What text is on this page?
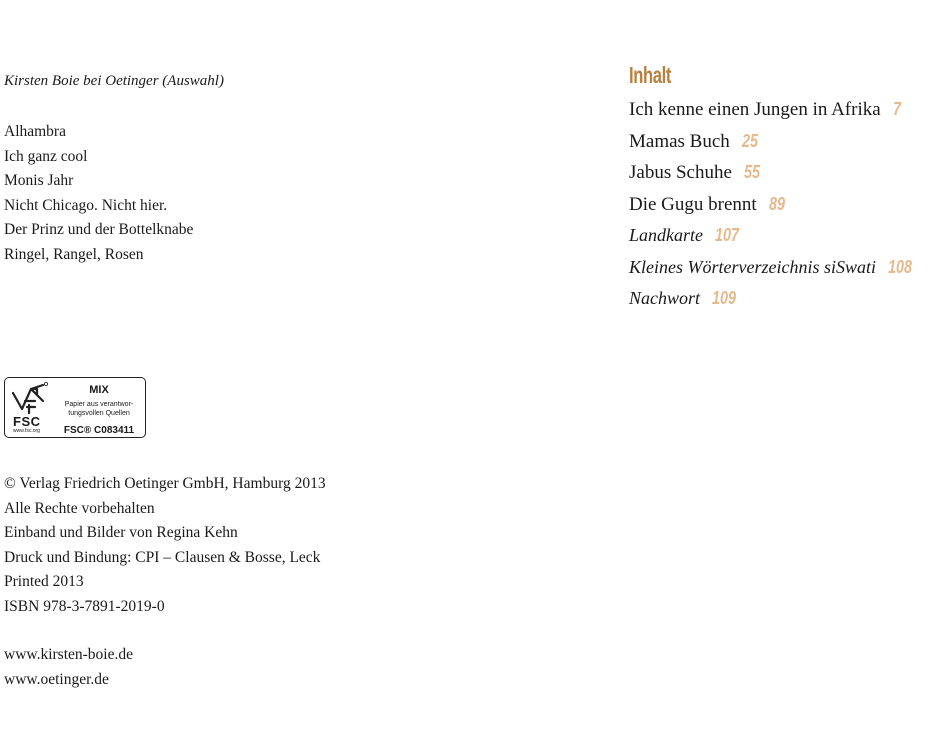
Kirsten Boie bei Oetinger (Auswahl)
Alhambra
Ich ganz cool
Monis Jahr
Nicht Chicago. Nicht hier.
Der Prinz und der Bottelknabe
Ringel, Rangel, Rosen
FSC
www.fsc.org
MIX
Papier aus verantwor-
tungsvollen Quellen
FSC® C083411
© Verlag Friedrich Oetinger GmbH, Hamburg 2013
Alle Rechte vorbehalten
Einband und Bilder von Regina Kehn
Druck und Bindung: CPI – Clausen & Bosse, Leck
Printed 2013
ISBN 978-3-7891-2019-0
www.kirsten-boie.de
www.oetinger.de
Inhalt
Ich kenne einen Jungen in Afrika 7
Mamas Buch 25
Jabus Schuhe 55
Die Gugu brennt 89
Landkarte 107
Kleines Wörterverzeichnis siSwati 108
Nachwort 109
